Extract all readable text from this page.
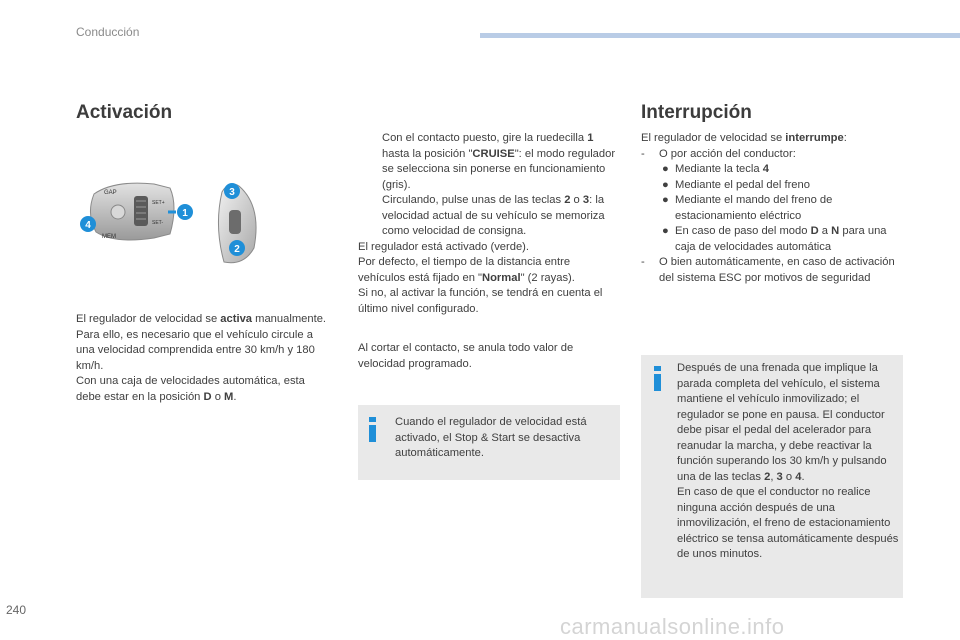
Conducción
Activación
GAP
MEM
SET+
SET-
1
2
3
4

El regulador de velocidad se activa manualmente. Para ello, es necesario que el vehículo circule a una velocidad comprendida entre 30 km/h y 180 km/h.

Con una caja de velocidades automática, esta debe estar en la posición D o M.

Con el contacto puesto, gire la ruedecilla 1 hasta la posición "CRUISE": el modo regulador se selecciona sin ponerse en funcionamiento (gris).
Circulando, pulse unas de las teclas 2 o 3: la velocidad actual de su vehículo se memoriza como velocidad de consigna.

El regulador está activado (verde).

Por defecto, el tiempo de la distancia entre vehículos está fijado en "Normal" (2 rayas).

Si no, al activar la función, se tendrá en cuenta el último nivel configurado.

Al cortar el contacto, se anula todo valor de velocidad programado.
Cuando el regulador de velocidad está activado, el Stop & Start se desactiva automáticamente.
Interrupción

El regulador de velocidad se interrumpe:

- O por acción del conductor:
● Mediante la tecla 4
● Mediante el pedal del freno
● Mediante el mando del freno de estacionamiento eléctrico
● En caso de paso del modo D a N para una caja de velocidades automática
- O bien automáticamente, en caso de activación del sistema ESC por motivos de seguridad

Después de una frenada que implique la parada completa del vehículo, el sistema mantiene el vehículo inmovilizado; el regulador se pone en pausa. El conductor debe pisar el pedal del acelerador para reanudar la marcha, y debe reactivar la función superando los 30 km/h y pulsando una de las teclas 2, 3 o 4.

En caso de que el conductor no realice ninguna acción después de una inmovilización, el freno de estacionamiento eléctrico se tensa automáticamente después de unos minutos.

240
carmanualsonline.info
